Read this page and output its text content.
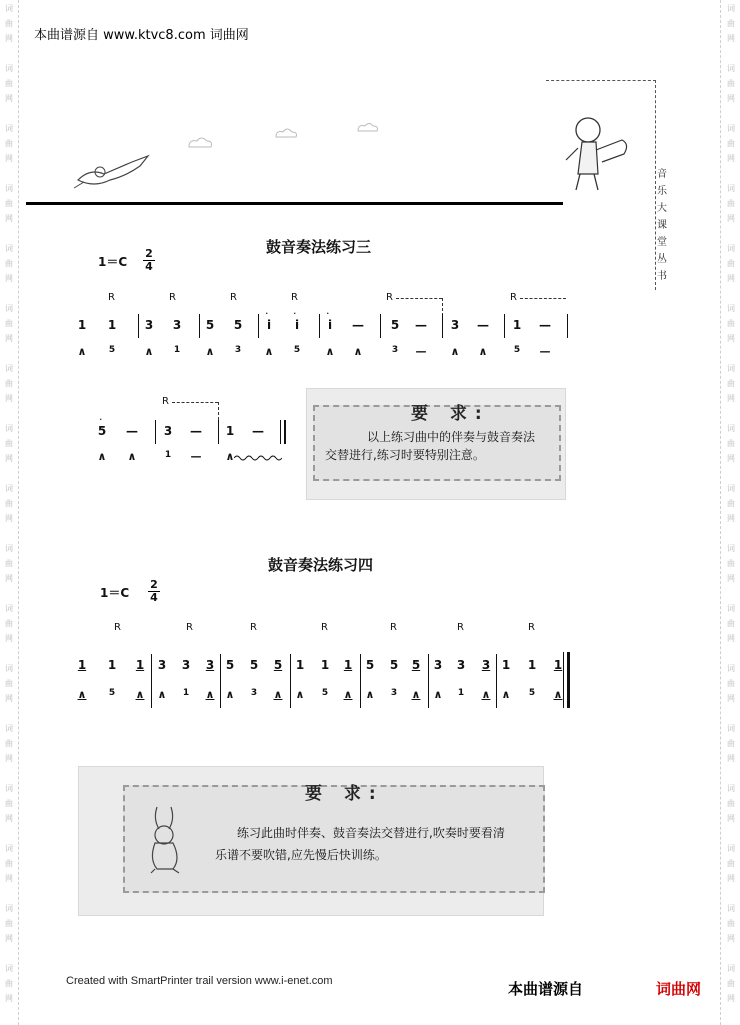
词
曲
网
词
曲
网
词
曲
网
词
曲
网
词
曲
网
词
曲
网
词
曲
网
词
曲
网
词
曲
网
词
曲
网
词
曲
网
词
曲
网
词
曲
网
词
曲
网
词
曲
网
词
曲
网
词
曲
网
词
曲
网
词
曲
网
词
曲
网
词
曲
网
词
曲
网
词
曲
网
词
曲
网
词
曲
网
词
曲
网
词
曲
网
词
曲
网
词
曲
网
词
曲
网
词
曲
网
词
曲
网
词
曲
网
词
曲
网
本曲谱源自 www.ktvc8.com 词曲网
音
乐
大
课
堂
丛
书
鼓音奏法练习三
$1=C \frac{2}{4}$
R	R	R	R	R	R
1	1	3	3	5	5	i	i	i	—	5	—	3	—	1	—
· ·	·
∧	5	∧	1	∧	3	∧	5	∧	∧	3	—	∧	∧	5	—
R
5	—	3	—	1	—
·
∧	∧	1	—	∧
要 求:
以上练习曲中的伴奏与鼓音奏法
交替进行,练习时要特别注意。
鼓音奏法练习四
$1=C \frac{2}{4}$
R	R	R	R	R	R	R
1	1	1	3	3	3 5	5	5	1	1	1	5	5	5	3	3	3 1	1	1
∧	5	∧	∧	1	∧	∧	3	∧	∧	5	∧	∧	3	∧	∧	1	∧	∧	5	∧
要 求:
练习此曲时伴奏、鼓音奏法交替进行,吹奏时要看清
乐谱不要吹错,应先慢后快训练。
Created with SmartPrinter trail version www.i-enet.com	本曲谱源自	词曲网
